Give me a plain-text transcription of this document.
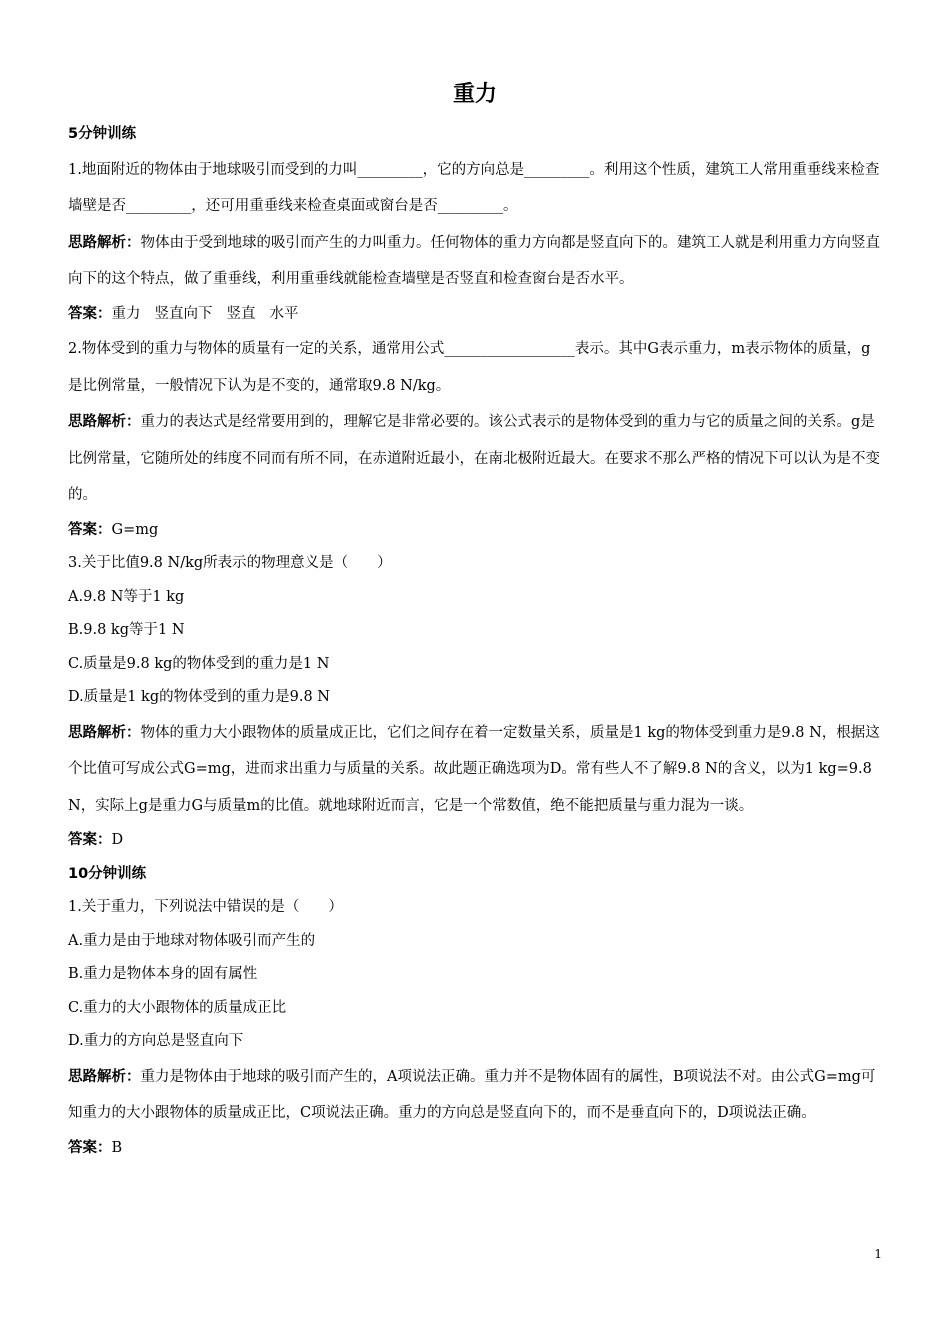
重力
5分钟训练
1.地面附近的物体由于地球吸引而受到的力叫_________，它的方向总是_________。利用这个性质，建筑工人常用重垂线来检查墙壁是否_________，还可用重垂线来检查桌面或窗台是否_________。
思路解析：物体由于受到地球的吸引而产生的力叫重力。任何物体的重力方向都是竖直向下的。建筑工人就是利用重力方向竖直向下的这个特点，做了重垂线，利用重垂线就能检查墙壁是否竖直和检查窗台是否水平。
答案：重力 竖直向下 竖直 水平
2.物体受到的重力与物体的质量有一定的关系，通常用公式__________________表示。其中G表示重力，m表示物体的质量，g是比例常量，一般情况下认为是不变的，通常取9.8 N/kg。
思路解析：重力的表达式是经常要用到的，理解它是非常必要的。该公式表示的是物体受到的重力与它的质量之间的关系。g是比例常量，它随所处的纬度不同而有所不同，在赤道附近最小，在南北极附近最大。在要求不那么严格的情况下可以认为是不变的。
答案：G=mg
3.关于比值9.8 N/kg所表示的物理意义是（　　）
A.9.8 N等于1 kg
B.9.8 kg等于1 N
C.质量是9.8 kg的物体受到的重力是1 N
D.质量是1 kg的物体受到的重力是9.8 N
思路解析：物体的重力大小跟物体的质量成正比，它们之间存在着一定数量关系，质量是1 kg的物体受到重力是9.8 N，根据这个比值可写成公式G=mg，进而求出重力与质量的关系。故此题正确选项为D。常有些人不了解9.8 N的含义，以为1 kg=9.8 N，实际上g是重力G与质量m的比值。就地球附近而言，它是一个常数值，绝不能把质量与重力混为一谈。
答案：D
10分钟训练
1.关于重力，下列说法中错误的是（　　）
A.重力是由于地球对物体吸引而产生的
B.重力是物体本身的固有属性
C.重力的大小跟物体的质量成正比
D.重力的方向总是竖直向下
思路解析：重力是物体由于地球的吸引而产生的，A项说法正确。重力并不是物体固有的属性，B项说法不对。由公式G=mg可知重力的大小跟物体的质量成正比，C项说法正确。重力的方向总是竖直向下的，而不是垂直向下的，D项说法正确。
答案：B
1
